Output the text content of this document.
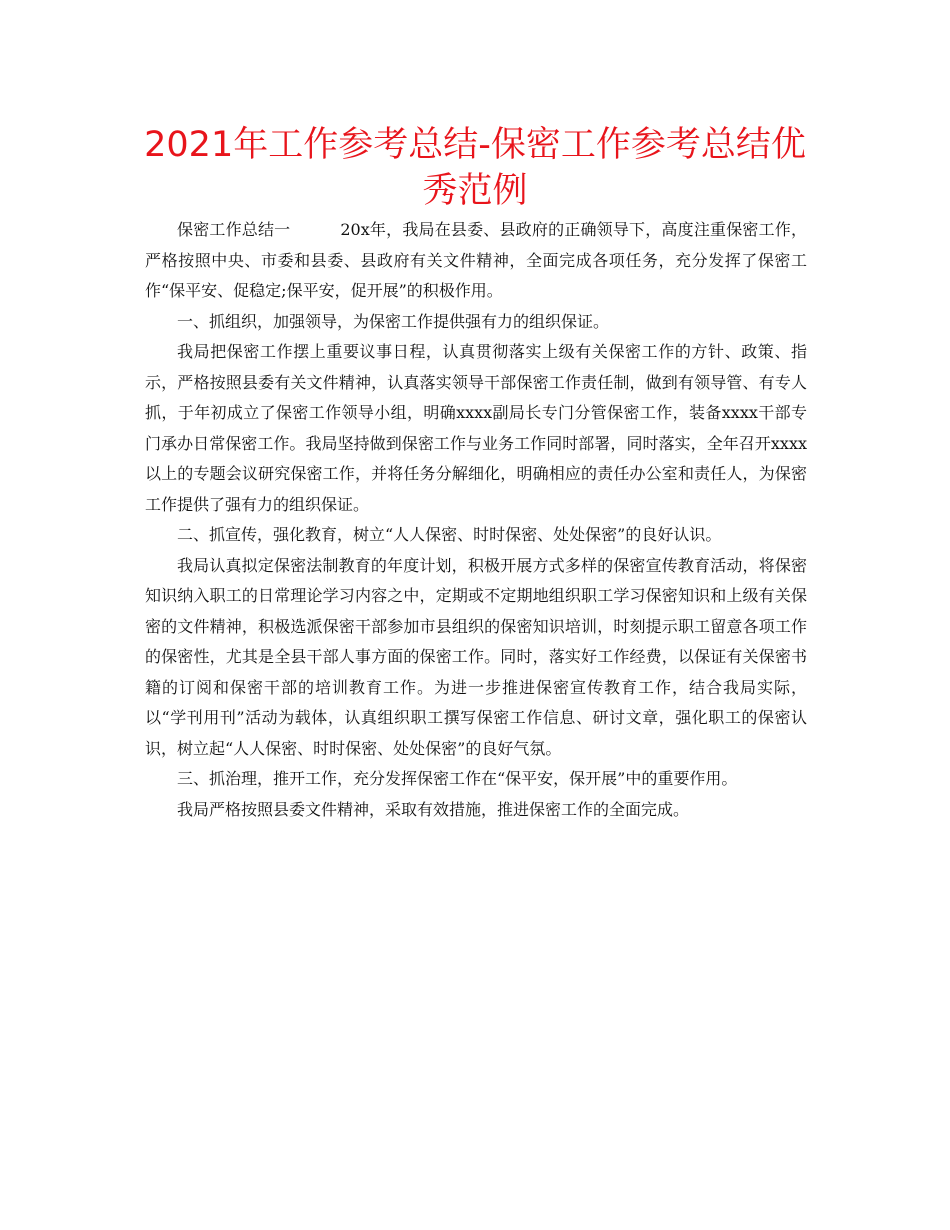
2021年工作参考总结-保密工作参考总结优秀范例

保密工作总结一	20x年，我局在县委、县政府的正确领导下，高度注重保密工作，严格按照中央、市委和县委、县政府有关文件精神，全面完成各项任务，充分发挥了保密工作“保平安、促稳定;保平安，促开展”的积极作用。

一、抓组织，加强领导，为保密工作提供强有力的组织保证。

我局把保密工作摆上重要议事日程，认真贯彻落实上级有关保密工作的方针、政策、指示，严格按照县委有关文件精神，认真落实领导干部保密工作责任制，做到有领导管、有专人抓，于年初成立了保密工作领导小组，明确xxxx副局长专门分管保密工作，装备xxxx干部专门承办日常保密工作。我局坚持做到保密工作与业务工作同时部署，同时落实，全年召开xxxx以上的专题会议研究保密工作，并将任务分解细化，明确相应的责任办公室和责任人，为保密工作提供了强有力的组织保证。

二、抓宣传，强化教育，树立“人人保密、时时保密、处处保密”的良好认识。

我局认真拟定保密法制教育的年度计划，积极开展方式多样的保密宣传教育活动，将保密知识纳入职工的日常理论学习内容之中，定期或不定期地组织职工学习保密知识和上级有关保密的文件精神，积极选派保密干部参加市县组织的保密知识培训，时刻提示职工留意各项工作的保密性，尤其是全县干部人事方面的保密工作。同时，落实好工作经费，以保证有关保密书籍的订阅和保密干部的培训教育工作。为进一步推进保密宣传教育工作，结合我局实际，以“学刊用刊”活动为载体，认真组织职工撰写保密工作信息、研讨文章，强化职工的保密认识，树立起“人人保密、时时保密、处处保密”的良好气氛。

三、抓治理，推开工作，充分发挥保密工作在“保平安，保开展”中的重要作用。

我局严格按照县委文件精神，采取有效措施，推进保密工作的全面完成。
